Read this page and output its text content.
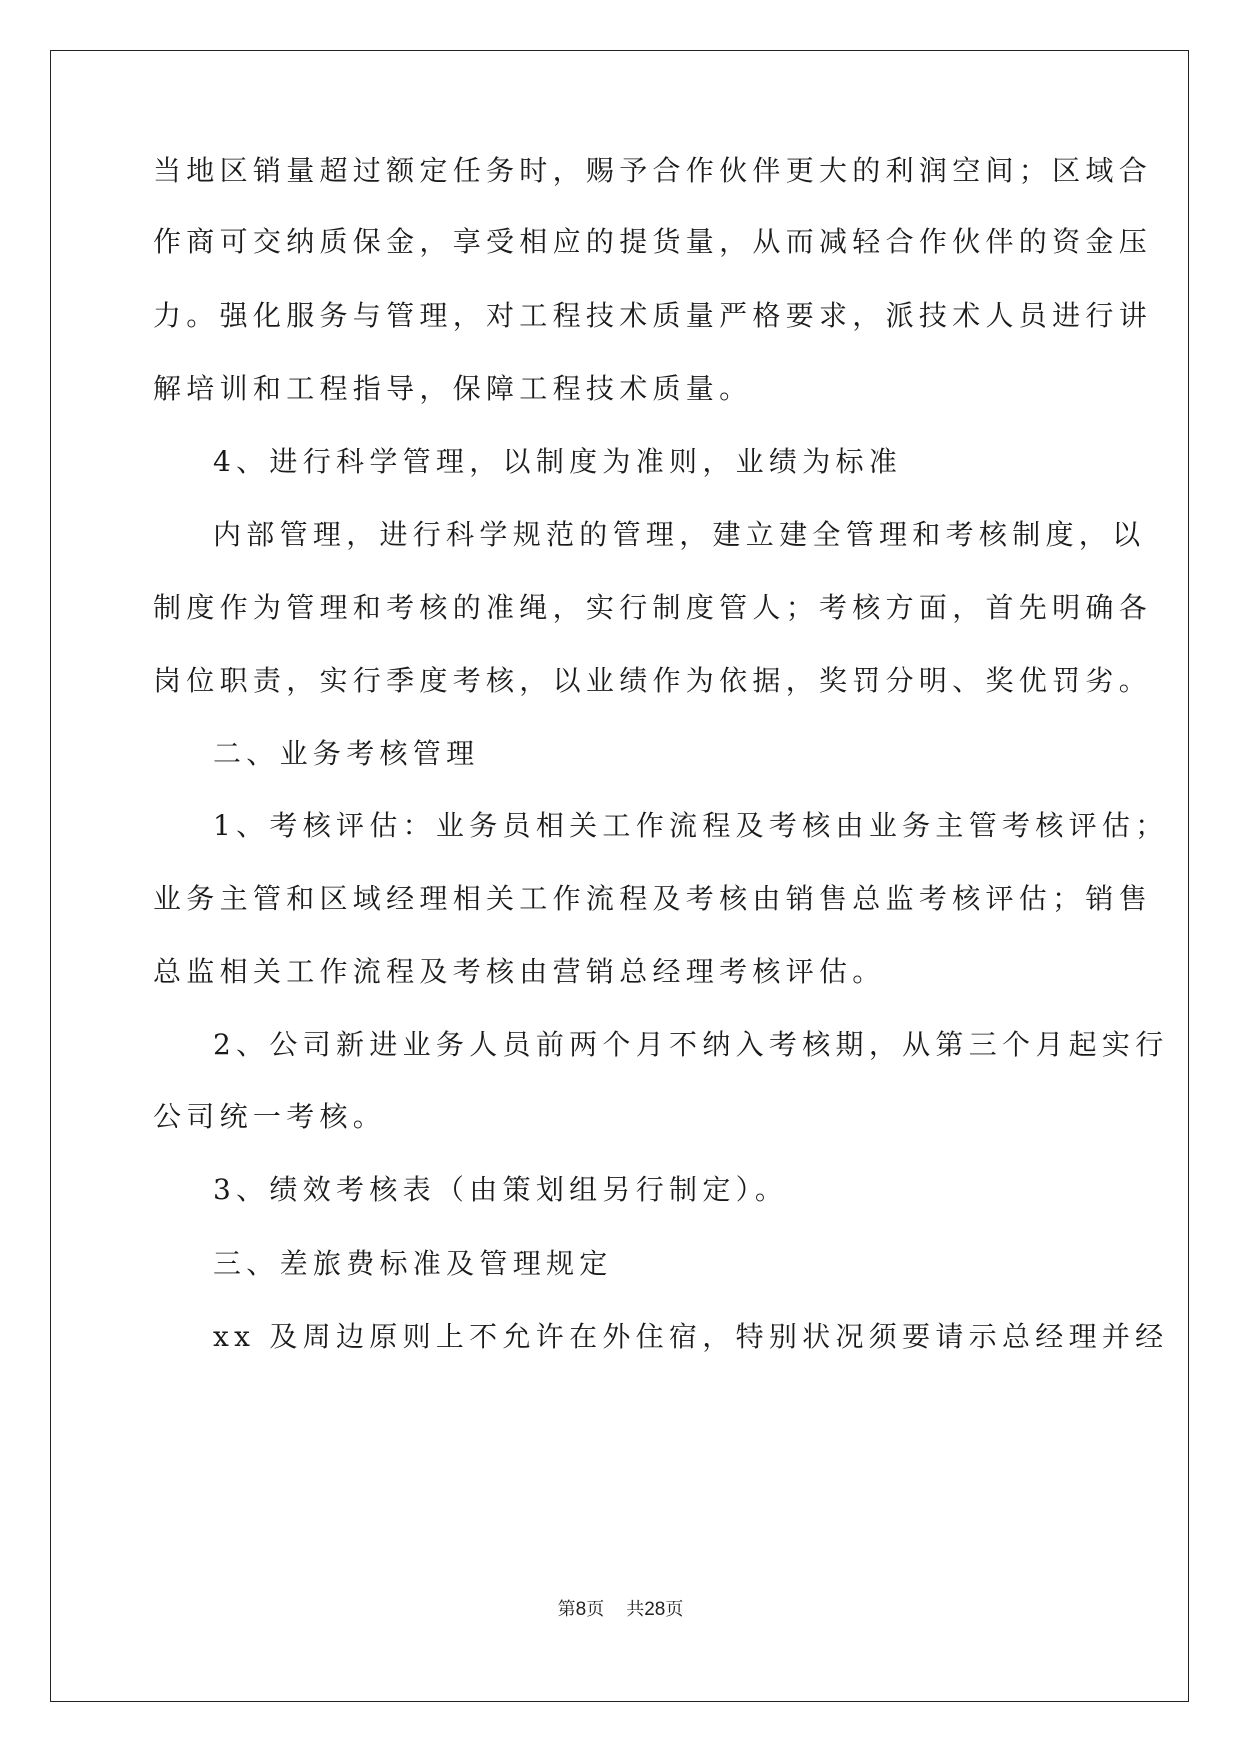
当地区销量超过额定任务时，赐予合作伙伴更大的利润空间；区域合
作商可交纳质保金，享受相应的提货量，从而减轻合作伙伴的资金压
力。强化服务与管理，对工程技术质量严格要求，派技术人员进行讲
解培训和工程指导，保障工程技术质量。
4、进行科学管理，以制度为准则，业绩为标准
内部管理，进行科学规范的管理，建立建全管理和考核制度，以
制度作为管理和考核的准绳，实行制度管人；考核方面，首先明确各
岗位职责，实行季度考核，以业绩作为依据，奖罚分明、奖优罚劣。
二、业务考核管理
1、考核评估：业务员相关工作流程及考核由业务主管考核评估；
业务主管和区域经理相关工作流程及考核由销售总监考核评估；销售
总监相关工作流程及考核由营销总经理考核评估。
2、公司新进业务人员前两个月不纳入考核期，从第三个月起实行
公司统一考核。
3、绩效考核表（由策划组另行制定）。
三、差旅费标准及管理规定
xx 及周边原则上不允许在外住宿，特别状况须要请示总经理并经
第8页 共28页
